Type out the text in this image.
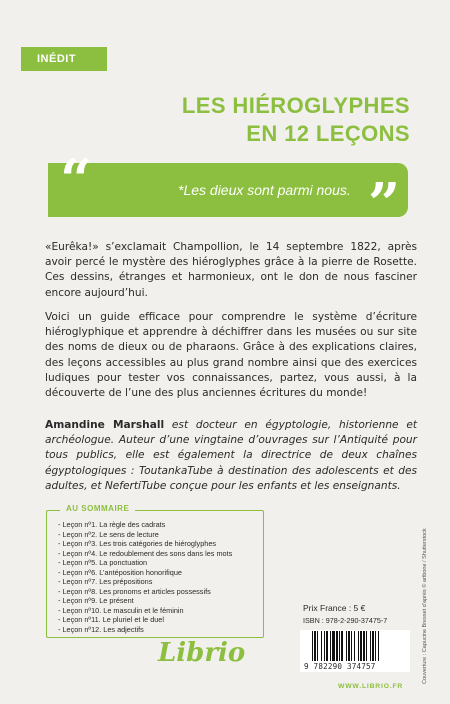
INÉDIT
LES HIÉROGLYPHES
EN 12 LEÇONS
“	*Les dieux sont parmi nous. ”
«Eurêka!» s’exclamait Champollion, le 14 septembre 1822, après avoir percé le mystère des hiéroglyphes grâce à la pierre de Rosette. Ces dessins, étranges et harmonieux, ont le don de nous fasciner encore aujourd’hui.
Voici un guide efficace pour comprendre le système d’écriture hiéroglyphique et apprendre à déchiffrer dans les musées ou sur site des noms de dieux ou de pharaons. Grâce à des explications claires, des leçons accessibles au plus grand nombre ainsi que des exercices ludiques pour tester vos connaissances, partez, vous aussi, à la découverte de l’une des plus anciennes écritures du monde!
Amandine Marshall est docteur en égyptologie, historienne et archéologue. Auteur d’une vingtaine d’ouvrages sur l’Antiquité pour tous publics, elle est également la directrice de deux chaînes égyptologiques : ToutankaTube à destination des adolescents et des adultes, et NefertiTube conçue pour les enfants et les enseignants.
AU SOMMAIRE
- Leçon nº1. La règle des cadrats
- Leçon nº2. Le sens de lecture
- Leçon nº3. Les trois catégories de hiéroglyphes
- Leçon nº4. Le redoublement des sons dans les mots
- Leçon nº5. La ponctuation
- Leçon nº6. L’antéposition honorifique
- Leçon nº7. Les prépositions
- Leçon nº8. Les pronoms et articles possessifs
- Leçon nº9. Le présent
- Leçon nº10. Le masculin et le féminin
- Leçon nº11. Le pluriel et le duel
- Leçon nº12. Les adjectifs
Librio
Prix France : 5 €
ISBN : 978-2-290-37475-7
9 782290 374757
WWW.LIBRIO.FR
Couverture : Capucine Bresset d’après © artbone / Shutterstock
